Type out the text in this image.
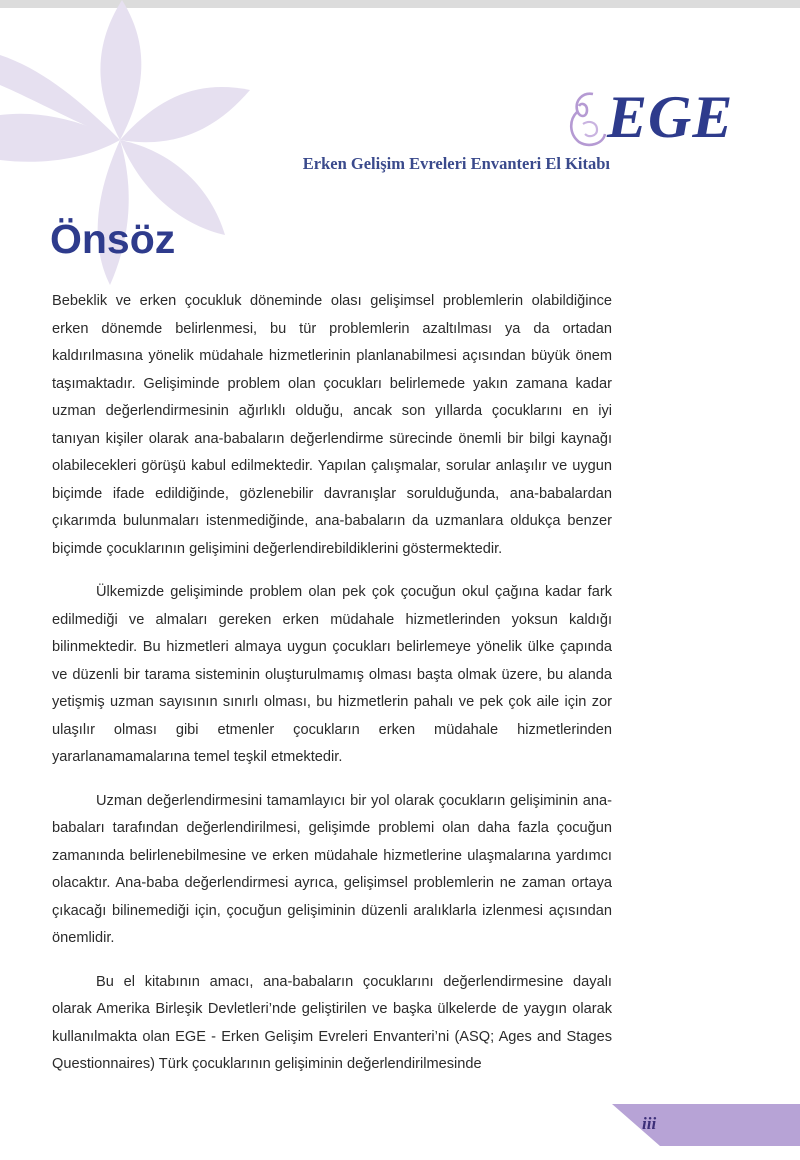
EGE
Erken Gelişim Evreleri Envanteri El Kitabı
Önsöz

Bebeklik ve erken çocukluk döneminde olası gelişimsel problemlerin olabildiğince erken dönemde belirlenmesi, bu tür problemlerin azaltılması ya da ortadan kaldırılmasına yönelik müdahale hizmetlerinin planlanabilmesi açısından büyük önem taşımaktadır. Gelişiminde problem olan çocukları belirlemede yakın zamana kadar uzman değerlendirmesinin ağırlıklı olduğu, ancak son yıllarda çocuklarını en iyi tanıyan kişiler olarak ana-babaların değerlendirme sürecinde önemli bir bilgi kaynağı olabilecekleri görüşü kabul edilmektedir. Yapılan çalışmalar, sorular anlaşılır ve uygun biçimde ifade edildiğinde, gözlenebilir davranışlar sorulduğunda, ana-babalardan çıkarımda bulunmaları istenmediğinde, ana-babaların da uzmanlara oldukça benzer biçimde çocuklarının gelişimini değerlendirebildiklerini göstermektedir.

Ülkemizde gelişiminde problem olan pek çok çocuğun okul çağına kadar fark edilmediği ve almaları gereken erken müdahale hizmetlerinden yoksun kaldığı bilinmektedir. Bu hizmetleri almaya uygun çocukları belirlemeye yönelik ülke çapında ve düzenli bir tarama sisteminin oluşturulmamış olması başta olmak üzere, bu alanda yetişmiş uzman sayısının sınırlı olması, bu hizmetlerin pahalı ve pek çok aile için zor ulaşılır olması gibi etmenler çocukların erken müdahale hizmetlerinden yararlanamamalarına temel teşkil etmektedir.

Uzman değerlendirmesini tamamlayıcı bir yol olarak çocukların gelişiminin ana-babaları tarafından değerlendirilmesi, gelişimde problemi olan daha fazla çocuğun zamanında belirlenebilmesine ve erken müdahale hizmetlerine ulaşmalarına yardımcı olacaktır. Ana-baba değerlendirmesi ayrıca, gelişimsel problemlerin ne zaman ortaya çıkacağı bilinemediği için, çocuğun gelişiminin düzenli aralıklarla izlenmesi açısından önemlidir.

Bu el kitabının amacı, ana-babaların çocuklarını değerlendirmesine dayalı olarak Amerika Birleşik Devletleri’nde geliştirilen ve başka ülkelerde de yaygın olarak kullanılmakta olan EGE - Erken Gelişim Evreleri Envanteri’ni (ASQ; Ages and Stages Questionnaires) Türk çocuklarının gelişiminin değerlendirilmesinde

iii
